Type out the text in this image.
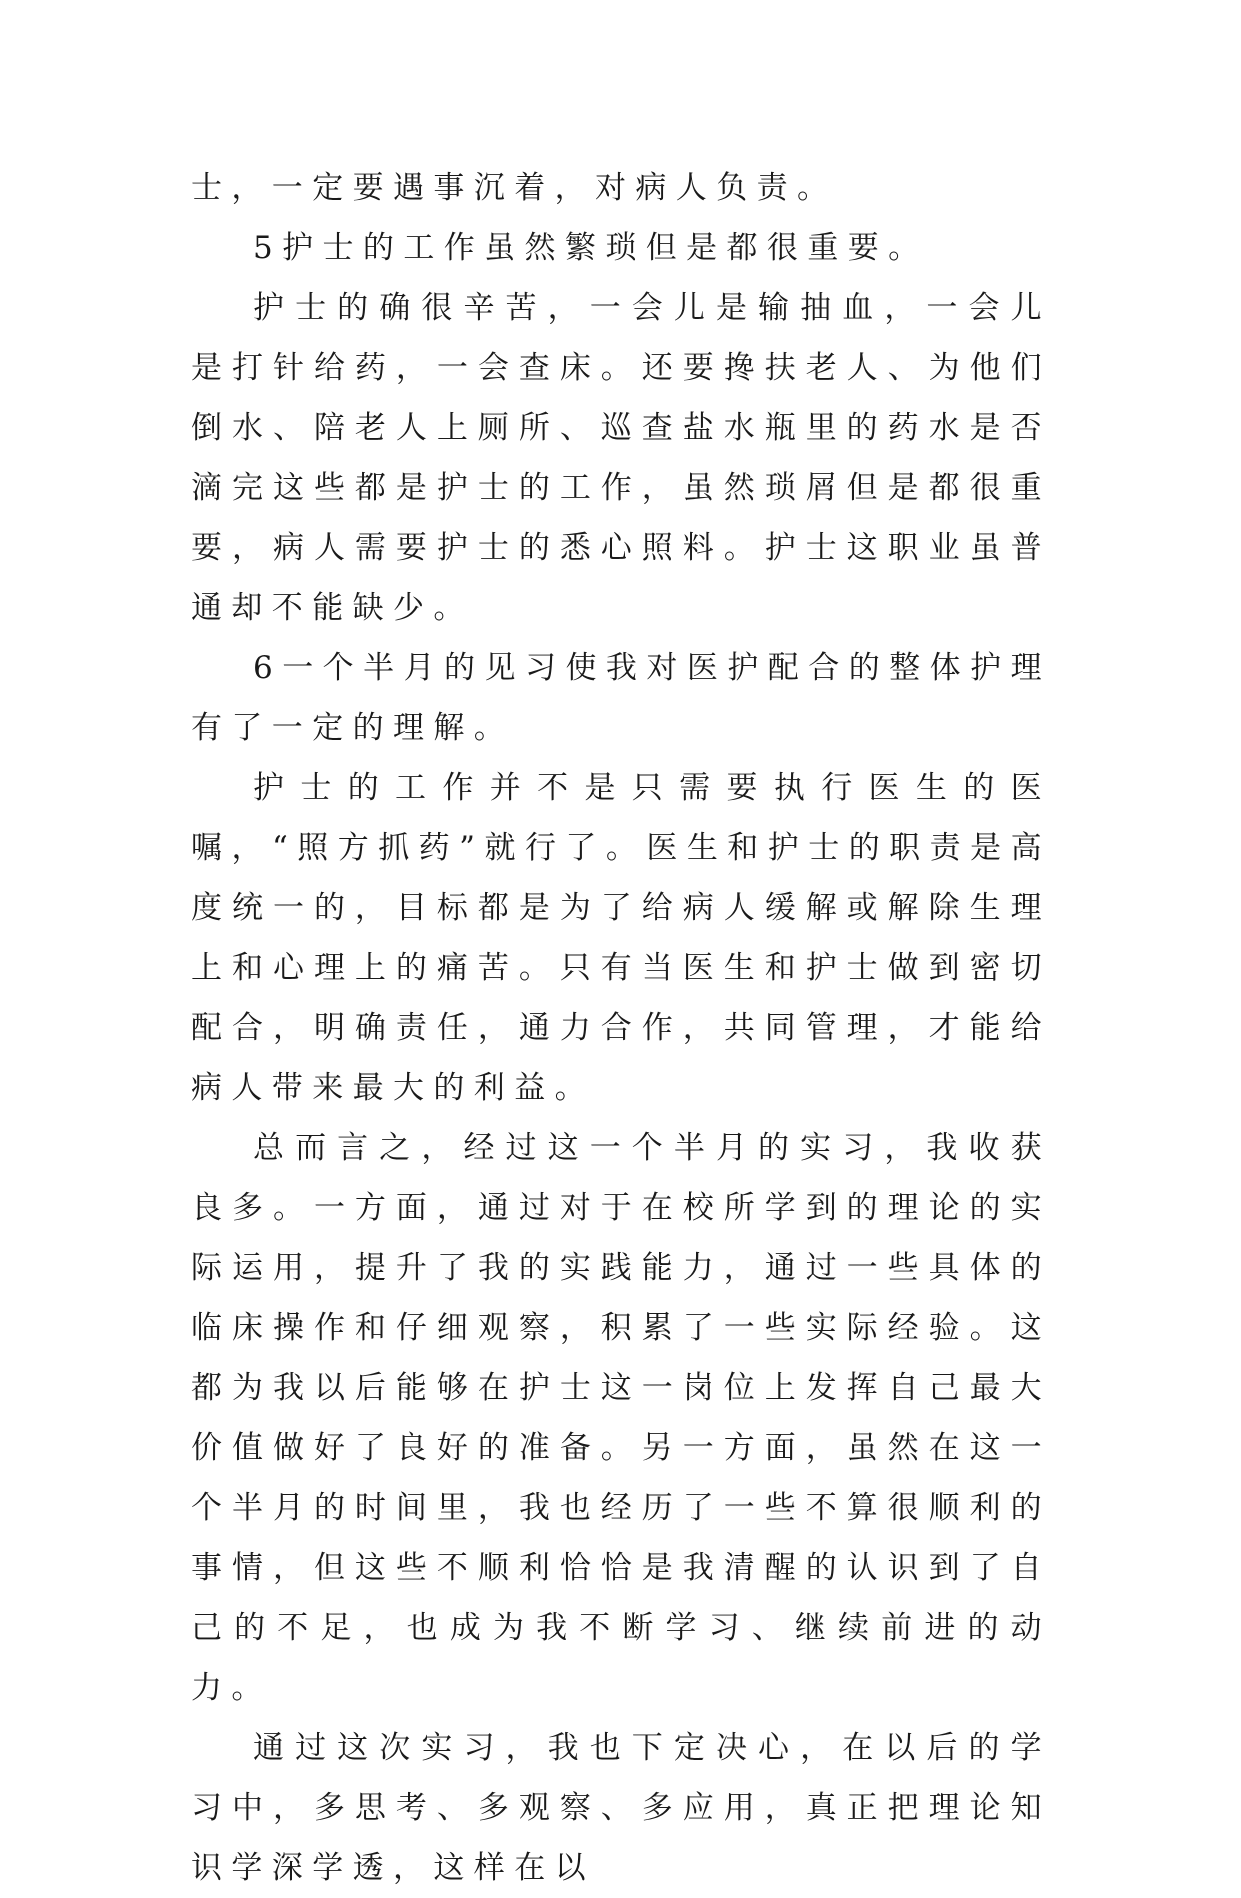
士，一定要遇事沉着，对病人负责。

5护士的工作虽然繁琐但是都很重要。

护士的确很辛苦，一会儿是输抽血，一会儿是打针给药，一会查床。还要搀扶老人、为他们倒水、陪老人上厕所、巡查盐水瓶里的药水是否滴完这些都是护士的工作，虽然琐屑但是都很重要，病人需要护士的悉心照料。护士这职业虽普通却不能缺少。

6一个半月的见习使我对医护配合的整体护理有了一定的理解。

护士的工作并不是只需要执行医生的医嘱，“照方抓药”就行了。医生和护士的职责是高度统一的，目标都是为了给病人缓解或解除生理上和心理上的痛苦。只有当医生和护士做到密切配合，明确责任，通力合作，共同管理，才能给病人带来最大的利益。

总而言之，经过这一个半月的实习，我收获良多。一方面，通过对于在校所学到的理论的实际运用，提升了我的实践能力，通过一些具体的临床操作和仔细观察，积累了一些实际经验。这都为我以后能够在护士这一岗位上发挥自己最大价值做好了良好的准备。另一方面，虽然在这一个半月的时间里，我也经历了一些不算很顺利的事情，但这些不顺利恰恰是我清醒的认识到了自己的不足，也成为我不断学习、继续前进的动力。

通过这次实习，我也下定决心，在以后的学习中，多思考、多观察、多应用，真正把理论知识学深学透，这样在以
